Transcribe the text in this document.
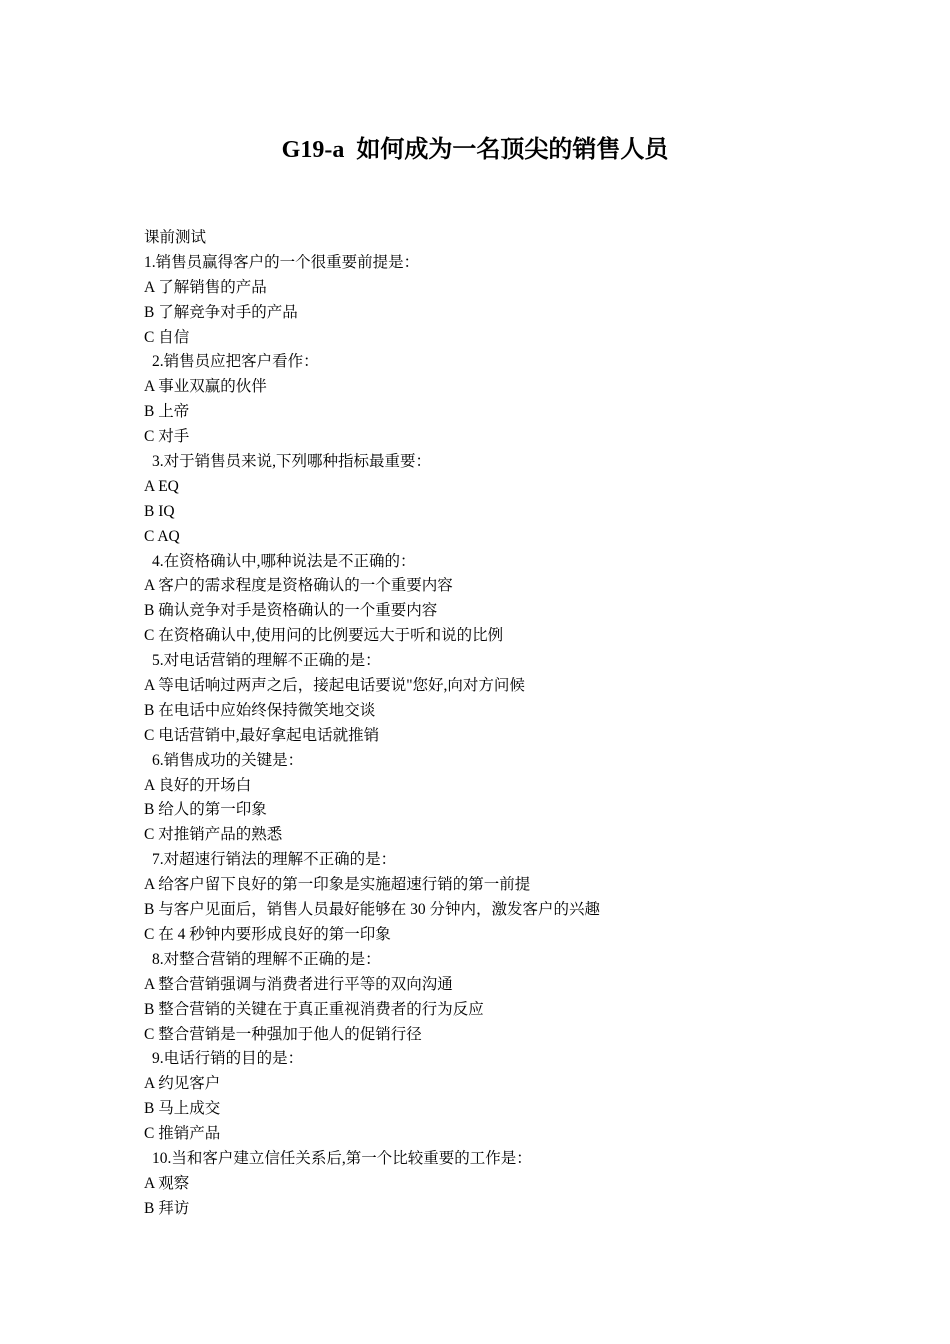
G19-a  如何成为一名顶尖的销售人员
课前测试
1.销售员赢得客户的一个很重要前提是：
A 了解销售的产品
B 了解竞争对手的产品
C 自信
2.销售员应把客户看作：
A 事业双赢的伙伴
B 上帝
C 对手
3.对于销售员来说,下列哪种指标最重要：
A EQ
B IQ
C AQ
4.在资格确认中,哪种说法是不正确的：
A 客户的需求程度是资格确认的一个重要内容
B 确认竞争对手是资格确认的一个重要内容
C 在资格确认中,使用问的比例要远大于听和说的比例
5.对电话营销的理解不正确的是：
A 等电话响过两声之后，接起电话要说"您好,向对方问候
B 在电话中应始终保持微笑地交谈
C 电话营销中,最好拿起电话就推销
6.销售成功的关键是：
A 良好的开场白
B 给人的第一印象
C 对推销产品的熟悉
7.对超速行销法的理解不正确的是：
A 给客户留下良好的第一印象是实施超速行销的第一前提
B 与客户见面后，销售人员最好能够在 30 分钟内，激发客户的兴趣
C 在 4 秒钟内要形成良好的第一印象
8.对整合营销的理解不正确的是：
A 整合营销强调与消费者进行平等的双向沟通
B 整合营销的关键在于真正重视消费者的行为反应
C 整合营销是一种强加于他人的促销行径
9.电话行销的目的是：
A 约见客户
B 马上成交
C 推销产品
10.当和客户建立信任关系后,第一个比较重要的工作是：
A 观察
B 拜访
